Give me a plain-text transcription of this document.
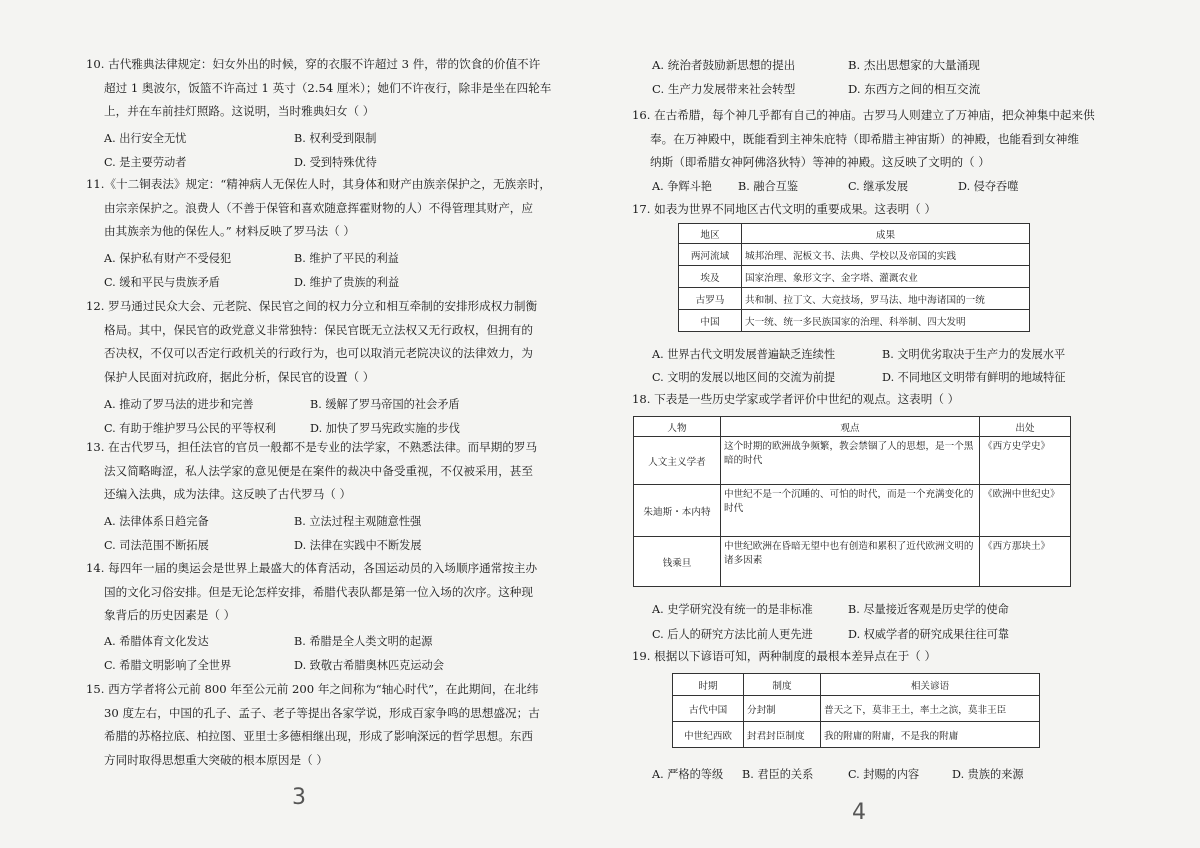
10. 古代雅典法律规定：妇女外出的时候，穿的衣服不许超过 3 件，带的饮食的价值不许
超过 1 奥波尔，饭篮不许高过 1 英寸（2.54 厘米）；她们不许夜行，除非是坐在四轮车
上，并在车前挂灯照路。这说明，当时雅典妇女（ ）
A. 出行安全无忧	B. 权利受到限制
C. 是主要劳动者	D. 受到特殊优待
11.《十二铜表法》规定：“精神病人无保佐人时，其身体和财产由族亲保护之，无族亲时，
由宗亲保护之。浪费人（不善于保管和喜欢随意挥霍财物的人）不得管理其财产，应
由其族亲为他的保佐人。” 材料反映了罗马法（ ）
A. 保护私有财产不受侵犯	B. 维护了平民的利益
C. 缓和平民与贵族矛盾	D. 维护了贵族的利益
12. 罗马通过民众大会、元老院、保民官之间的权力分立和相互牵制的安排形成权力制衡
格局。其中，保民官的政党意义非常独特：保民官既无立法权又无行政权，但拥有的
否决权，不仅可以否定行政机关的行政行为，也可以取消元老院决议的法律效力，为
保护人民面对抗政府，据此分析，保民官的设置（ ）
A. 推动了罗马法的进步和完善	B. 缓解了罗马帝国的社会矛盾
C. 有助于维护罗马公民的平等权利	D. 加快了罗马宪政实施的步伐
13. 在古代罗马，担任法官的官员一般都不是专业的法学家，不熟悉法律。而早期的罗马
法又简略晦涩，私人法学家的意见便是在案件的裁决中备受重视，不仅被采用，甚至
还编入法典，成为法律。这反映了古代罗马（ ）
A. 法律体系日趋完备	B. 立法过程主观随意性强
C. 司法范围不断拓展	D. 法律在实践中不断发展
14. 每四年一届的奥运会是世界上最盛大的体育活动，各国运动员的入场顺序通常按主办
国的文化习俗安排。但是无论怎样安排，希腊代表队都是第一位入场的次序。这种现
象背后的历史因素是（ ）
A. 希腊体育文化发达	B. 希腊是全人类文明的起源
C. 希腊文明影响了全世界	D. 致敬古希腊奥林匹克运动会
15. 西方学者将公元前 800 年至公元前 200 年之间称为“轴心时代”，在此期间，在北纬
30 度左右，中国的孔子、孟子、老子等提出各家学说，形成百家争鸣的思想盛况；古
希腊的苏格拉底、柏拉图、亚里士多德相继出现，形成了影响深远的哲学思想。东西
方同时取得思想重大突破的根本原因是（ ）
3
A. 统治者鼓励新思想的提出	B. 杰出思想家的大量涌现
C. 生产力发展带来社会转型	D. 东西方之间的相互交流
16. 在古希腊，每个神几乎都有自己的神庙。古罗马人则建立了万神庙，把众神集中起来供
奉。在万神殿中，既能看到主神朱庇特（即希腊主神宙斯）的神殿，也能看到女神维
纳斯（即希腊女神阿佛洛狄特）等神的神殿。这反映了文明的（ ）
A. 争辉斗艳 B. 融合互鉴	C. 继承发展	D. 侵夺吞噬
17. 如表为世界不同地区古代文明的重要成果。这表明（ ）
地区	成果
两河流域	城邦治理、泥板文书、法典、学校以及帝国的实践
埃及	国家治理、象形文字、金字塔、灌溉农业
古罗马	共和制、拉丁文、大竞技场，罗马法、地中海诸国的一统
中国	大一统、统一多民族国家的治理、科举制、四大发明
A. 世界古代文明发展普遍缺乏连续性	B. 文明优劣取决于生产力的发展水平
C. 文明的发展以地区间的交流为前提	D. 不同地区文明带有鲜明的地域特征
18. 下表是一些历史学家或学者评价中世纪的观点。这表明（ ）
人物	观点	出处
人文主义学者	这个时期的欧洲战争频繁，教会禁锢了人的思想，是一个黑暗的时代	《西方史学史》
朱迪斯・本内特	中世纪不是一个沉睡的、可怕的时代，而是一个充满变化的时代	《欧洲中世纪史》
钱乘旦	中世纪欧洲在昏暗无望中也有创造和累积了近代欧洲文明的诸多因素	《西方那块土》
A. 史学研究没有统一的是非标准	B. 尽量接近客观是历史学的使命
C. 后人的研究方法比前人更先进	D. 权威学者的研究成果往往可靠
19. 根据以下谚语可知，两种制度的最根本差异点在于（ ）
时期	制度	相关谚语
古代中国	分封制	普天之下，莫非王土，率土之滨，莫非王臣
中世纪西欧	封君封臣制度	我的附庸的附庸，不是我的附庸
A. 严格的等级 B. 君臣的关系	C. 封赐的内容	D. 贵族的来源
4
